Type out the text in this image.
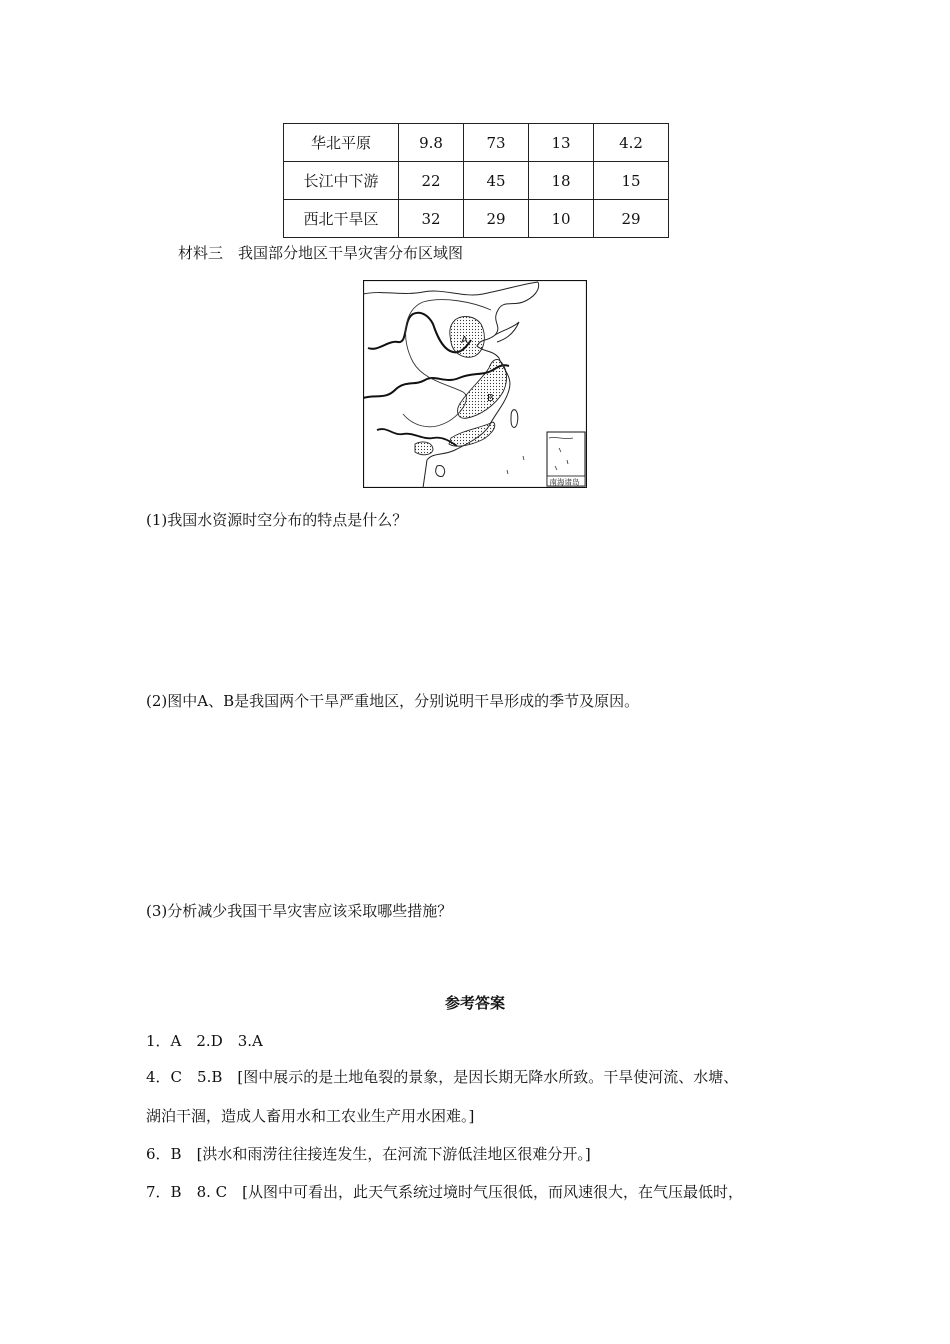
华北平原	9.8	73	13	4.2
长江中下游	22	45	18	15
西北干旱区	32	29	10	29
材料三　我国部分地区干旱灾害分布区域图
A
B
南海诸岛
(1)我国水资源时空分布的特点是什么？
(2)图中A、B是我国两个干旱严重地区，分别说明干旱形成的季节及原因。
(3)分析减少我国干旱灾害应该采取哪些措施？
参考答案
1．A　2.D　3.A
4．C　5.B　[图中展示的是土地龟裂的景象，是因长期无降水所致。干旱使河流、水塘、
湖泊干涸，造成人畜用水和工农业生产用水困难。]
6．B　[洪水和雨涝往往接连发生，在河流下游低洼地区很难分开。]
7．B　8. C　[从图中可看出，此天气系统过境时气压很低，而风速很大，在气压最低时，
